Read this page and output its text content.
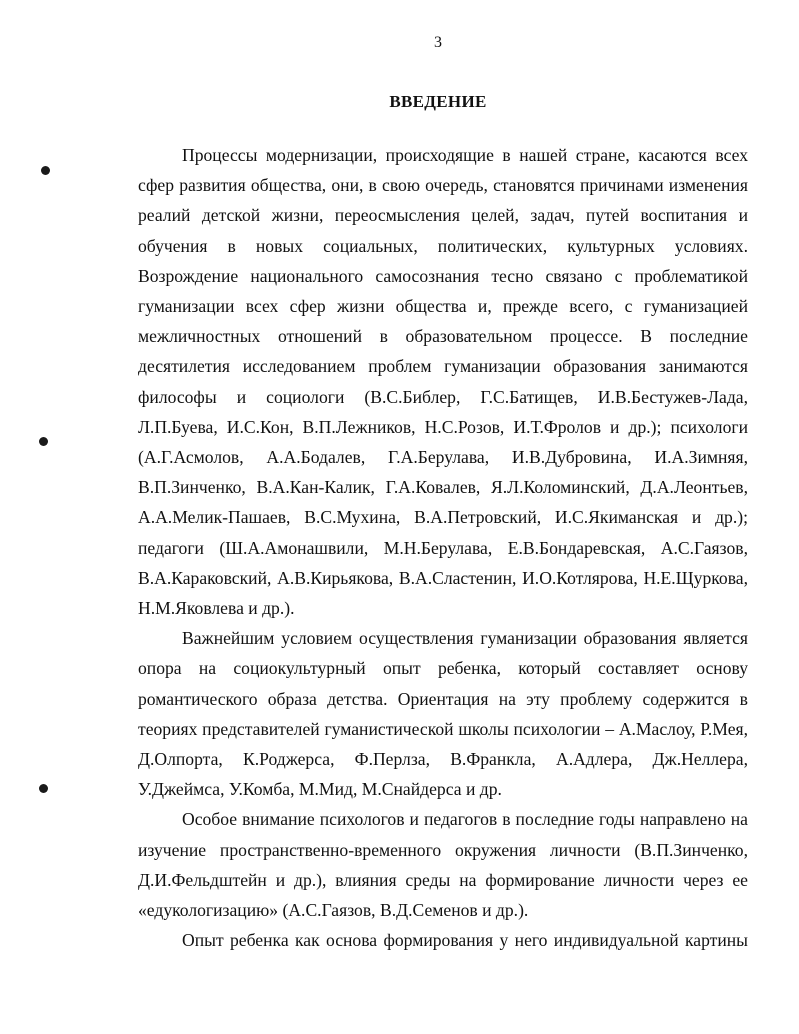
3
ВВЕДЕНИЕ

Процессы модернизации, происходящие в нашей стране, касаются всех сфер развития общества, они, в свою очередь, становятся причинами изменения реалий детской жизни, переосмысления целей, задач, путей воспитания и обучения в новых социальных, политических, культурных условиях. Возрождение национального самосознания тесно связано с проблематикой гуманизации всех сфер жизни общества и, прежде всего, с гуманизацией межличностных отношений в образовательном процессе. В последние десятилетия исследованием проблем гуманизации образования занимаются философы и социологи (В.С.Библер, Г.С.Батищев, И.В.Бестужев-Лада, Л.П.Буева, И.С.Кон, В.П.Лежников, Н.С.Розов, И.Т.Фролов и др.); психологи (А.Г.Асмолов, А.А.Бодалев, Г.А.Берулава, И.В.Дубровина, И.А.Зимняя, В.П.Зинченко, В.А.Кан-Калик, Г.А.Ковалев, Я.Л.Коломинский, Д.А.Леонтьев, А.А.Мелик-Пашаев, В.С.Мухина, В.А.Петровский, И.С.Якиманская и др.); педагоги (Ш.А.Амонашвили, М.Н.Берулава, Е.В.Бондаревская, А.С.Гаязов, В.А.Караковский, А.В.Кирьякова, В.А.Сластенин, И.О.Котлярова, Н.Е.Щуркова, Н.М.Яковлева и др.).

Важнейшим условием осуществления гуманизации образования является опора на социокультурный опыт ребенка, который составляет основу романтического образа детства. Ориентация на эту проблему содержится в теориях представителей гуманистической школы психологии – А.Маслоу, Р.Мея, Д.Олпорта, К.Роджерса, Ф.Перлза, В.Франкла, А.Адлера, Дж.Неллера, У.Джеймса, У.Комба, М.Мид, М.Снайдерса и др.

Особое внимание психологов и педагогов в последние годы направлено на изучение пространственно-временного окружения личности (В.П.Зинченко, Д.И.Фельдштейн и др.), влияния среды на формирование личности через ее «едукологизацию» (А.С.Гаязов, В.Д.Семенов и др.).

Опыт ребенка как основа формирования у него индивидуальной картины
